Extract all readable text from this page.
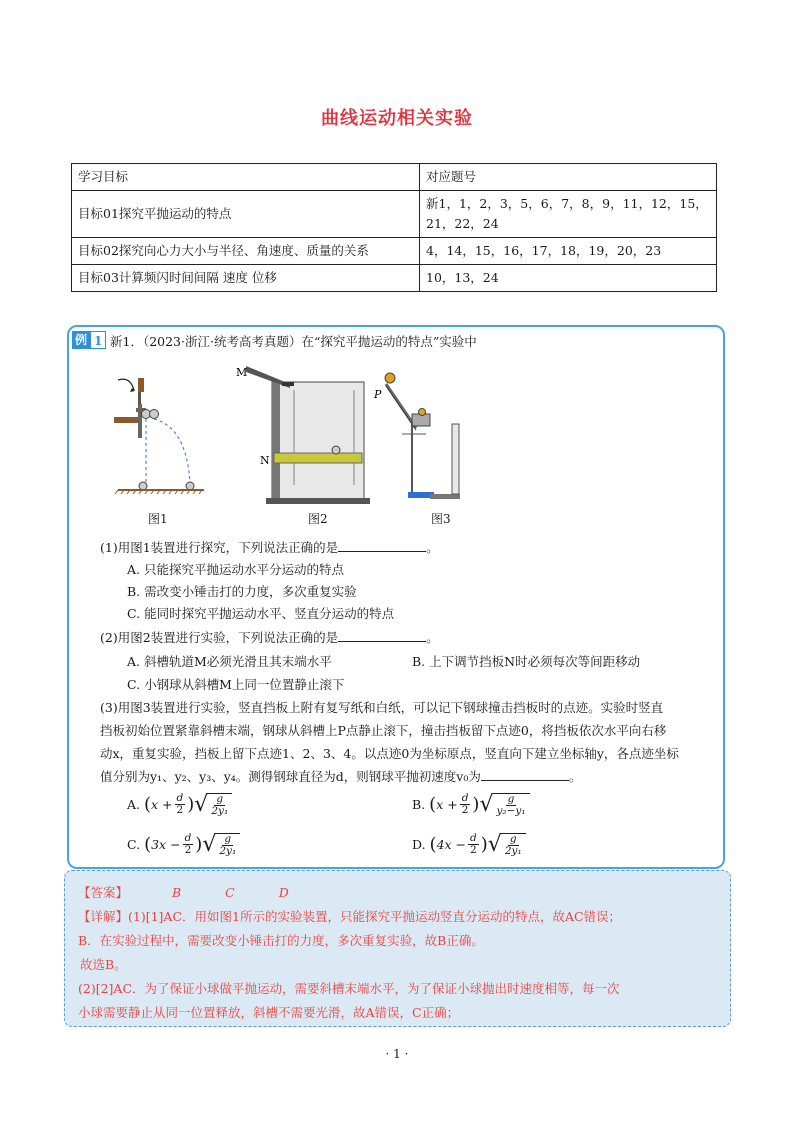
曲线运动相关实验
学习目标	对应题号
目标01探究平抛运动的特点	新1，1，2，3，5，6，7，8，9，11，12，15，21，22，24
目标02探究向心力大小与半径、角速度、质量的关系	4，14，15，16，17，18，19，20，23
目标03计算频闪时间间隔 速度 位移	10，13，24
例 1 新1．（2023·浙江·统考高考真题）在“探究平抛运动的特点”实验中
图1
M
N
图2
P
图3
(1)用图1装置进行探究，下列说法正确的是	。
A. 只能探究平抛运动水平分运动的特点
B. 需改变小锤击打的力度，多次重复实验
C. 能同时探究平抛运动水平、竖直分运动的特点
(2)用图2装置进行实验，下列说法正确的是	。
A. 斜槽轨道M必须光滑且其末端水平	B. 上下调节挡板N时必须每次等间距移动
C. 小钢球从斜槽M上同一位置静止滚下
(3)用图3装置进行实验，竖直挡板上附有复写纸和白纸，可以记下钢球撞击挡板时的点迹。实验时竖直
挡板初始位置紧靠斜槽末端，钢球从斜槽上P点静止滚下，撞击挡板留下点迹0，将挡板依次水平向右移
动x，重复实验，挡板上留下点迹1、2、3、4。以点迹0为坐标原点，竖直向下建立坐标轴y，各点迹坐标
值分别为y₁、y₂、y₃、y₄。测得钢球直径为d，则钢球平抛初速度v₀为	。
A.
( $x + \frac{d}{2}$ ) √ $\frac{g}{\text{2y₁}}$	B.
( $x + \frac{d}{2}$ ) √ $\frac{g}{\text{y₂−y₁}}$
C.
( $3x - \frac{d}{2}$ ) √ $\frac{g}{\text{2y₁}}$	D.
( $4x - \frac{d}{2}$ ) √ $\frac{g}{\text{2y₁}}$
【答案】	B	C	D
【详解】(1)[1]AC．用如图1所示的实验装置，只能探究平抛运动竖直分运动的特点，故AC错误；
B．在实验过程中，需要改变小锤击打的力度，多次重复实验，故B正确。
故选B。
(2)[2]AC．为了保证小球做平抛运动，需要斜槽末端水平，为了保证小球抛出时速度相等，每一次
小球需要静止从同一位置释放，斜槽不需要光滑，故A错误，C正确；
· 1 ·
